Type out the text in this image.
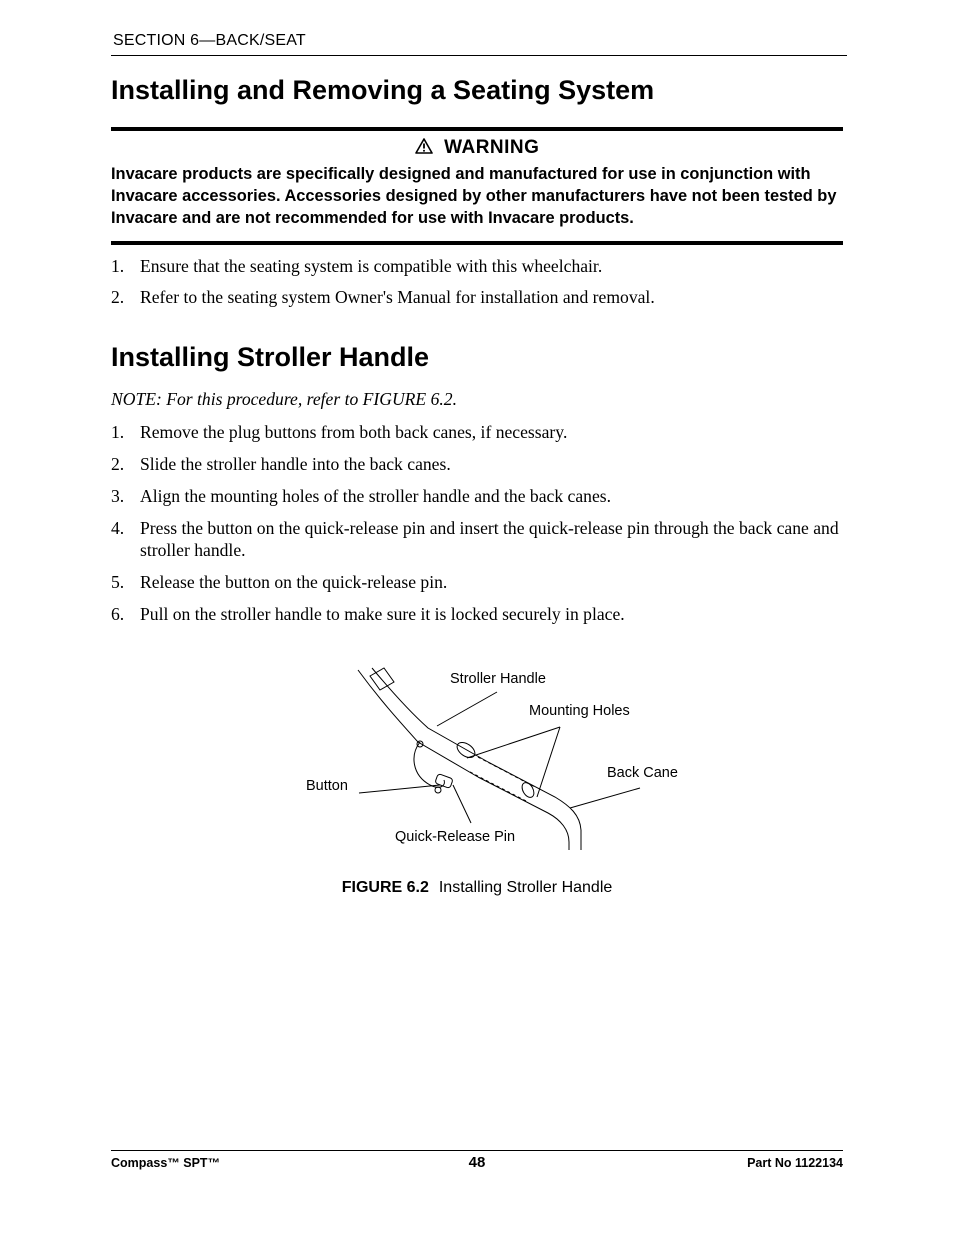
SECTION 6—BACK/SEAT
Installing and Removing a Seating System
WARNING
Invacare products are specifically designed and manufactured for use in conjunction with Invacare accessories. Accessories designed by other manufacturers have not been tested by Invacare and are not recommended for use with Invacare products.
1. Ensure that the seating system is compatible with this wheelchair.
2. Refer to the seating system Owner's Manual for installation and removal.
Installing Stroller Handle
NOTE: For this procedure, refer to FIGURE 6.2.
1. Remove the plug buttons from both back canes, if necessary.
2. Slide the stroller handle into the back canes.
3. Align the mounting holes of the stroller handle and the back canes.
4. Press the button on the quick-release pin and insert the quick-release pin through the back cane and stroller handle.
5. Release the button on the quick-release pin.
6. Pull on the stroller handle to make sure it is locked securely in place.
Stroller Handle
Mounting Holes
Back Cane
Button
Quick-Release Pin
FIGURE 6.2 Installing Stroller Handle
Compass™ SPT™	48	Part No 1122134
